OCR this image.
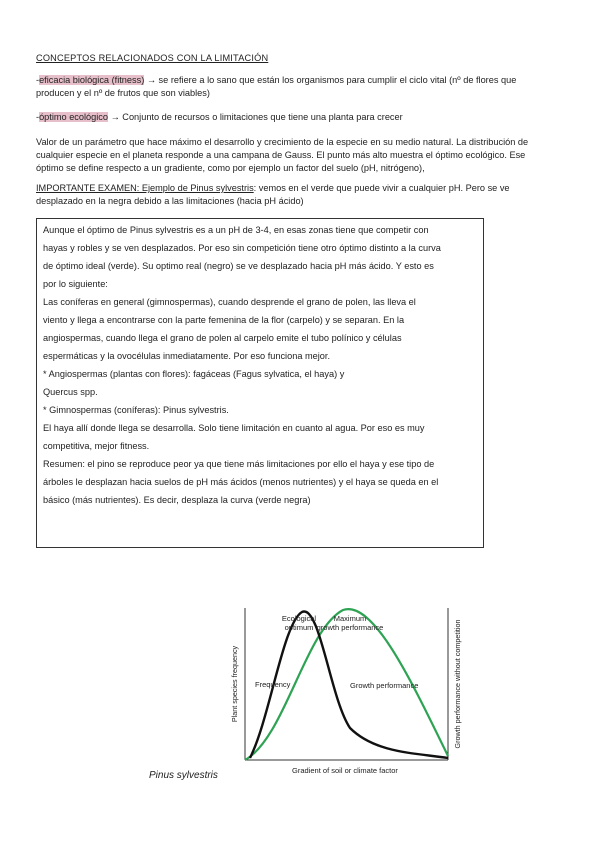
CONCEPTOS RELACIONADOS CON LA LIMITACIÓN
-eficacia biológica (fitness) → se refiere a lo sano que están los organismos para cumplir el ciclo vital (nº de flores que
producen y el nº de frutos que son viables)
-óptimo ecológico → Conjunto de recursos o limitaciones que tiene una planta para crecer
Valor de un parámetro que hace máximo el desarrollo y crecimiento de la especie en su medio natural. La distribución de
cualquier especie en el planeta responde a una campana de Gauss. El punto más alto muestra el óptimo ecológico. Ese
óptimo se define respecto a un gradiente, como por ejemplo un factor del suelo (pH, nitrógeno),
IMPORTANTE EXAMEN: Ejemplo de Pinus sylvestris: vemos en el verde que puede vivir a cualquier pH. Pero se ve
desplazado en la negra debido a las limitaciones (hacia pH ácido)
Aunque el óptimo de Pinus sylvestris es a un pH de 3-4, en esas zonas tiene que competir con
hayas y robles y se ven desplazados. Por eso sin competición tiene otro óptimo distinto a la curva
de óptimo ideal (verde). Su optimo real (negro) se ve desplazado hacia pH más ácido. Y esto es
por lo siguiente:
Las coníferas en general (gimnospermas), cuando desprende el grano de polen, las lleva el
viento y llega a encontrarse con la parte femenina de la flor (carpelo) y se separan. En la
angiospermas, cuando llega el grano de polen al carpelo emite el tubo polínico y células
espermáticas y la ovocélulas inmediatamente. Por eso funciona mejor.
* Angiospermas (plantas con flores): fagáceas (Fagus sylvatica, el haya) y
Quercus spp.
* Gimnospermas (coníferas): Pinus sylvestris.
El haya allí donde llega se desarrolla. Solo tiene limitación en cuanto al agua. Por eso es muy
competitiva, mejor fitness.
Resumen: el pino se reproduce peor ya que tiene más limitaciones por ello el haya y ese tipo de
árboles le desplazan hacia suelos de pH más ácidos (menos nutrientes) y el haya se queda en el
básico (más nutrientes). Es decir, desplaza la curva (verde negra)
Ecological
optimum
Maximum
growth performance
Frequency	Growth performance
Gradient of soil or climate factor
Plant species frequency	Growth performance without competition
Pinus sylvestris
